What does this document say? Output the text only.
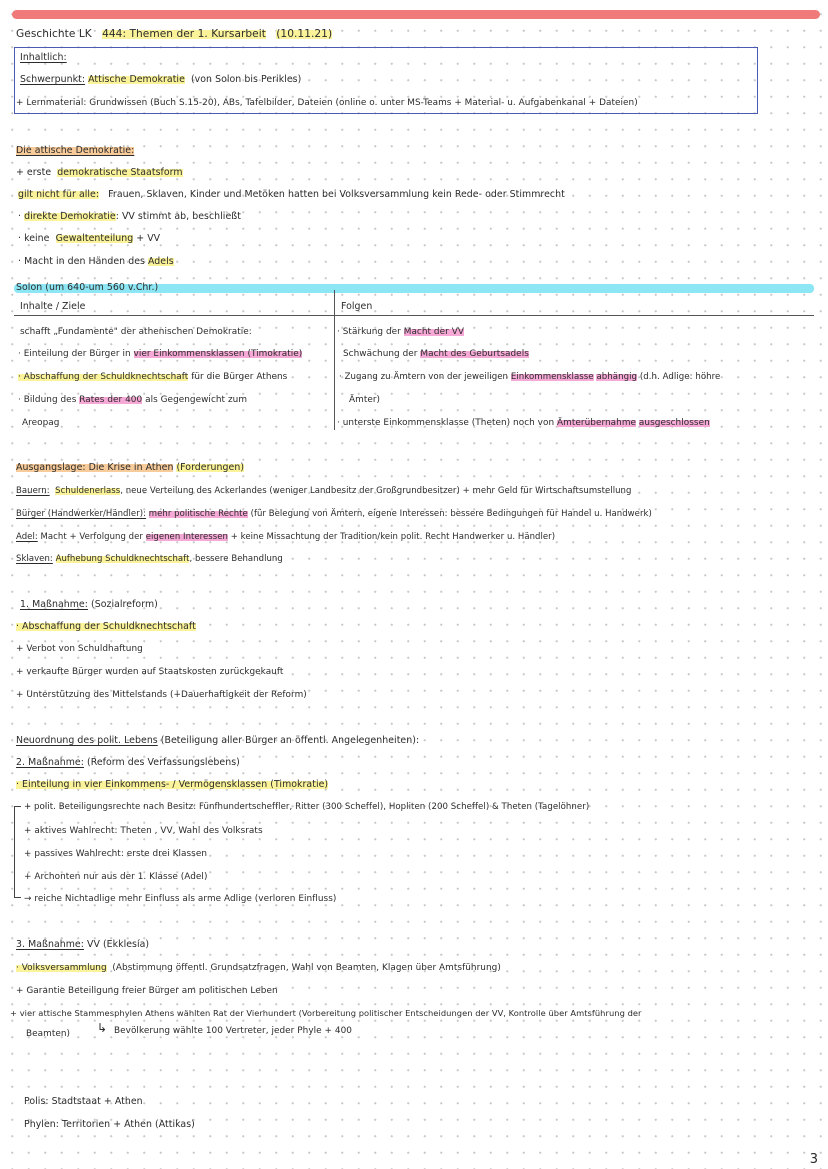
Geschichte LK 444: Themen der 1. Kursarbeit (10.11.21)
Inhaltlich:
Schwerpunkt: Attische Demokratie (von Solon bis Perikles)
+ Lernmaterial: Grundwissen (Buch S.15-20), ABs, Tafelbilder, Dateien (online o. unter MS-Teams + Material- u. Aufgabenkanal + Dateien)
Die attische Demokratie:
+ erste demokratische Staatsform
gilt nicht für alle: Frauen, Sklaven, Kinder und Metöken hatten bei Volksversammlung kein Rede- oder Stimmrecht
· direkte Demokratie: VV stimmt ab, beschließt
· keine Gewaltenteilung + VV
· Macht in den Händen des Adels
Solon (um 640-um 560 v.Chr.)
Inhalte / Ziele	Folgen
schafft „Fundamente" der athenischen Demokratie:
· Einteilung der Bürger in vier Einkommensklassen (Timokratie)
· Abschaffung der Schuldknechtschaft für die Bürger Athens
· Bildung des Rates der 400 als Gegengewicht zum
Areopag
· Stärkung der Macht der VV
Schwächung der Macht des Geburtsadels
· Zugang zu Ämtern von der jeweiligen Einkommensklasse abhängig (d.h. Adlige: höhre
Ämter)
· unterste Einkommensklasse (Theten) noch von Ämterübernahme ausgeschlossen
Ausgangslage: Die Krise in Athen (Forderungen)
Bauern: Schuldenerlass, neue Verteilung des Ackerlandes (weniger Landbesitz der Großgrundbesitzer) + mehr Geld für Wirtschaftsumstellung
Bürger (Handwerker/Händler): mehr politische Rechte (für Belegung von Ämtern, eigene Interessen: bessere Bedingungen für Handel u. Handwerk)
Adel: Macht + Verfolgung der eigenen Interessen + keine Missachtung der Tradition/kein polit. Recht Handwerker u. Händler)
Sklaven: Aufhebung Schuldknechtschaft, bessere Behandlung
1. Maßnahme: (Sozialreform)
· Abschaffung der Schuldknechtschaft
+ Verbot von Schuldhaftung
+ verkaufte Bürger wurden auf Staatskosten zurückgekauft
+ Unterstützung des Mittelstands (+Dauerhaftigkeit der Reform)
Neuordnung des polit. Lebens (Beteiligung aller Bürger an öffentl. Angelegenheiten):
2. Maßnahme: (Reform des Verfassungslebens)
· Einteilung in vier Einkommens- / Vermögensklassen (Timokratie)
+ polit. Beteiligungsrechte nach Besitz: Fünfhundertscheffler, Ritter (300 Scheffel), Hopliten (200 Scheffel) & Theten (Tagelöhner)
+ aktives Wahlrecht: Theten , VV, Wahl des Volksrats
+ passives Wahlrecht: erste drei Klassen
+ Archonten nur aus der 1. Klasse (Adel)
→ reiche Nichtadlige mehr Einfluss als arme Adlige (verloren Einfluss)
3. Maßnahme: VV (Ekklesía)
· Volksversammlung (Abstimmung öffentl. Grundsatzfragen, Wahl von Beamten, Klagen über Amtsführung)
+ Garantie Beteiligung freier Bürger am politischen Leben
+ vier attische Stammesphylen Athens wählten Rat der Vierhundert (Vorbereitung politischer Entscheidungen der VV, Kontrolle über Amtsführung der
Beamten) ↳ Bevölkerung wählte 100 Vertreter, jeder Phyle + 400
Polis: Stadtstaat + Athen
Phylen: Territorien + Athen (Attikas)
3
